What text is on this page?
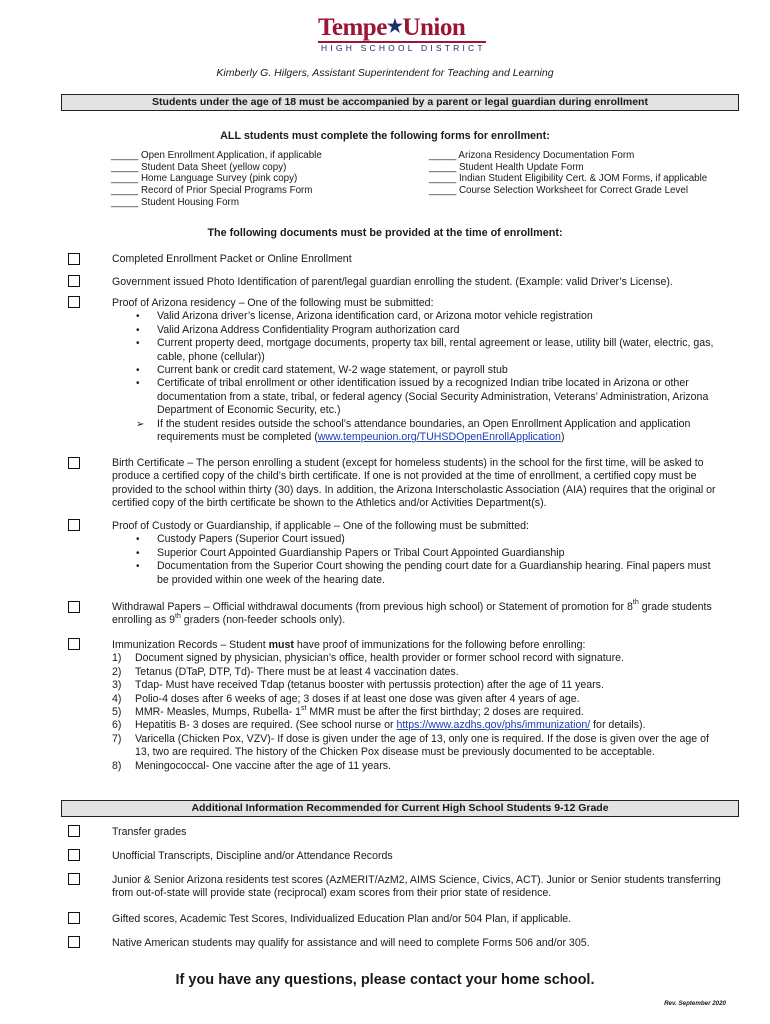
Tempe★Union
HIGH SCHOOL DISTRICT
Kimberly G. Hilgers, Assistant Superintendent for Teaching and Learning
Students under the age of 18 must be accompanied by a parent or legal guardian during enrollment
ALL students must complete the following forms for enrollment:
_____ Open Enrollment Application, if applicable
_____ Student Data Sheet (yellow copy)
_____ Home Language Survey (pink copy)
_____ Record of Prior Special Programs Form
_____ Student Housing Form
_____ Arizona Residency Documentation Form
_____ Student Health Update Form
_____ Indian Student Eligibility Cert. & JOM Forms, if applicable
_____ Course Selection Worksheet for Correct Grade Level
The following documents must be provided at the time of enrollment:
Completed Enrollment Packet or Online Enrollment
Government issued Photo Identification of parent/legal guardian enrolling the student. (Example: valid Driver’s License).
Proof of Arizona residency – One of the following must be submitted:
• Valid Arizona driver’s license, Arizona identification card, or Arizona motor vehicle registration
• Valid Arizona Address Confidentiality Program authorization card
• Current property deed, mortgage documents, property tax bill, rental agreement or lease, utility bill (water, electric, gas, cable, phone (cellular))
• Current bank or credit card statement, W-2 wage statement, or payroll stub
• Certificate of tribal enrollment or other identification issued by a recognized Indian tribe located in Arizona or other documentation from a state, tribal, or federal agency (Social Security Administration, Veterans’ Administration, Arizona Department of Economic Security, etc.)
➢ If the student resides outside the school’s attendance boundaries, an Open Enrollment Application and application requirements must be completed (www.tempeunion.org/TUHSDOpenEnrollApplication)
Birth Certificate – The person enrolling a student (except for homeless students) in the school for the first time, will be asked to produce a certified copy of the child’s birth certificate. If one is not provided at the time of enrollment, a certified copy must be provided to the school within thirty (30) days. In addition, the Arizona Interscholastic Association (AIA) requires that the original or certified copy of the birth certificate be shown to the Athletics and/or Activities Department(s).
Proof of Custody or Guardianship, if applicable – One of the following must be submitted:
• Custody Papers (Superior Court issued)
• Superior Court Appointed Guardianship Papers or Tribal Court Appointed Guardianship
• Documentation from the Superior Court showing the pending court date for a Guardianship hearing. Final papers must be provided within one week of the hearing date.
Withdrawal Papers – Official withdrawal documents (from previous high school) or Statement of promotion for 8th grade students enrolling as 9th graders (non-feeder schools only).
Immunization Records – Student must have proof of immunizations for the following before enrolling:
1) Document signed by physician, physician’s office, health provider or former school record with signature.
2) Tetanus (DTaP, DTP, Td)- There must be at least 4 vaccination dates.
3) Tdap- Must have received Tdap (tetanus booster with pertussis protection) after the age of 11 years.
4) Polio-4 doses after 6 weeks of age; 3 doses if at least one dose was given after 4 years of age.
5) MMR- Measles, Mumps, Rubella- 1st MMR must be after the first birthday; 2 doses are required.
6) Hepatitis B- 3 doses are required. (See school nurse or https://www.azdhs.gov/phs/immunization/ for details).
7) Varicella (Chicken Pox, VZV)- If dose is given under the age of 13, only one is required. If the dose is given over the age of 13, two are required. The history of the Chicken Pox disease must be previously documented to be acceptable.
8) Meningococcal- One vaccine after the age of 11 years.
Additional Information Recommended for Current High School Students 9-12 Grade
Transfer grades
Unofficial Transcripts, Discipline and/or Attendance Records
Junior & Senior Arizona residents test scores (AzMERIT/AzM2, AIMS Science, Civics, ACT). Junior or Senior students transferring from out-of-state will provide state (reciprocal) exam scores from their prior state of residence.
Gifted scores, Academic Test Scores, Individualized Education Plan and/or 504 Plan, if applicable.
Native American students may qualify for assistance and will need to complete Forms 506 and/or 305.
If you have any questions, please contact your home school.
Rev. September 2020
